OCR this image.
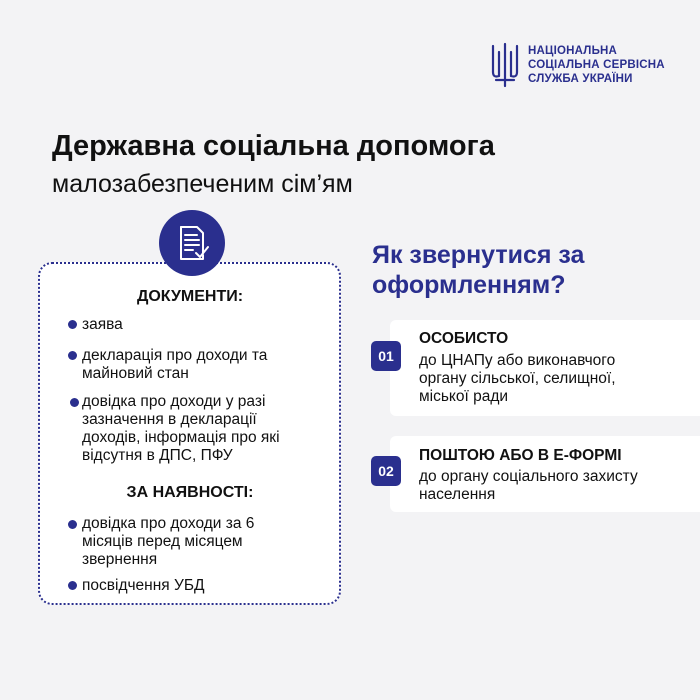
НАЦІОНАЛЬНА
СОЦІАЛЬНА СЕРВІСНА
СЛУЖБА УКРАЇНИ
Державна соціальна допомога
малозабезпеченим сім’ям
ДОКУМЕНТИ:
заява
декларація про доходи та
майновий стан
довідка про доходи у разі
зазначення в декларації
доходів, інформація про які
відсутня в ДПС, ПФУ
ЗА НАЯВНОСТІ:
довідка про доходи за 6
місяців перед місяцем
звернення
посвідчення УБД
Як звернутися за
оформленням?
01
ОСОБИСТО
до ЦНАПу або виконавчого
органу сільської, селищної,
міської ради
02
ПОШТОЮ АБО В Е-ФОРМІ
до органу соціального захисту
населення
